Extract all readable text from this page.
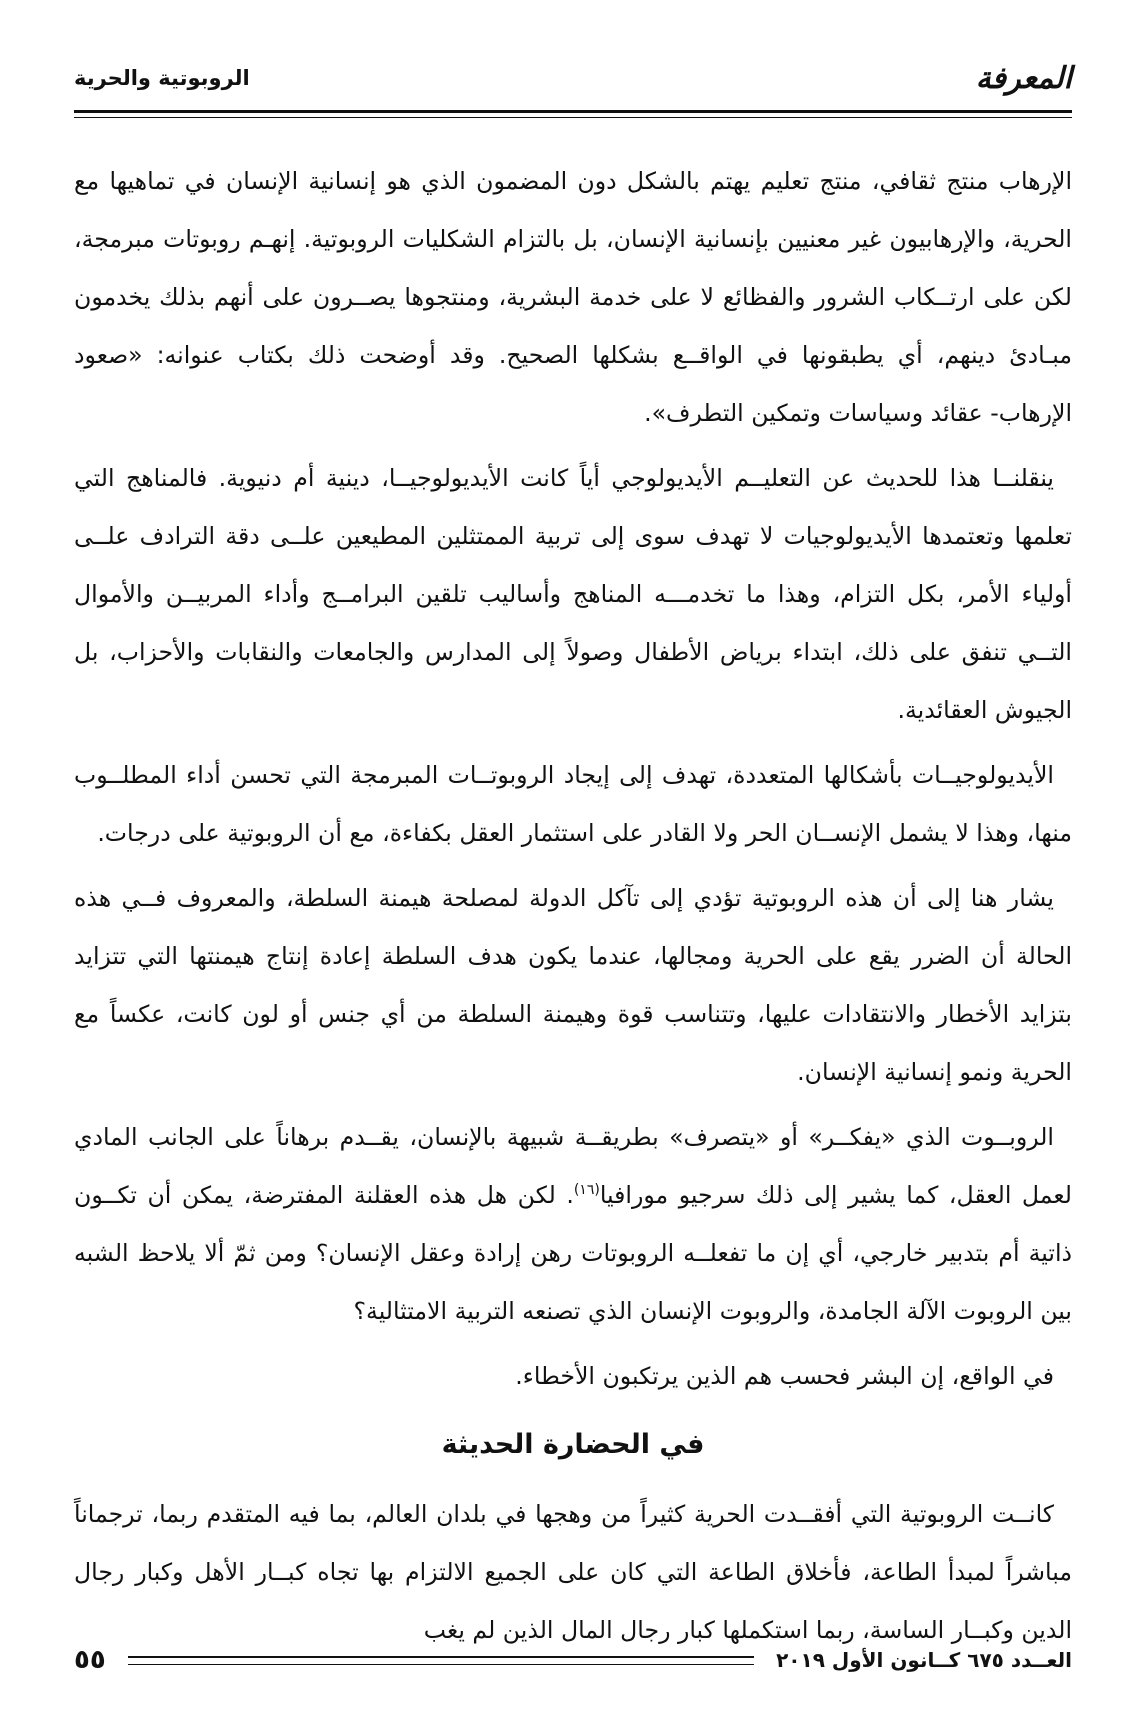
المعرفة
الروبوتية والحرية

الإرهاب منتج ثقافي، منتج تعليم يهتم بالشكل دون المضمون الذي هو إنسانية الإنسان في تماهيها مع الحرية، والإرهابيون غير معنيين بإنسانية الإنسان، بل بالتزام الشكليات الروبوتية. إنهـم روبوتات مبرمجة، لكن على ارتــكاب الشرور والفظائع لا على خدمة البشرية، ومنتجوها يصــرون على أنهم بذلك يخدمون مبـادئ دينهم، أي يطبقونها في الواقــع بشكلها الصحيح. وقد أوضحت ذلك بكتاب عنوانه: «صعود الإرهاب- عقائد وسياسات وتمكين التطرف».

ينقلنــا هذا للحديث عن التعليــم الأيديولوجي أياً كانت الأيديولوجيــا، دينية أم دنيوية. فالمناهج التي تعلمها وتعتمدها الأيديولوجيات لا تهدف سوى إلى تربية الممتثلين المطيعين علــى دقة الترادف علــى أولياء الأمر، بكل التزام، وهذا ما تخدمـــه المناهج وأساليب تلقين البرامــج وأداء المربيــن والأموال التــي تنفق على ذلك، ابتداء برياض الأطفال وصولاً إلى المدارس والجامعات والنقابات والأحزاب، بل الجيوش العقائدية.

الأيديولوجيــات بأشكالها المتعددة، تهدف إلى إيجاد الروبوتــات المبرمجة التي تحسن أداء المطلــوب منها، وهذا لا يشمل الإنســان الحر ولا القادر على استثمار العقل بكفاءة، مع أن الروبوتية على درجات.

يشار هنا إلى أن هذه الروبوتية تؤدي إلى تآكل الدولة لمصلحة هيمنة السلطة، والمعروف فــي هذه الحالة أن الضرر يقع على الحرية ومجالها، عندما يكون هدف السلطة إعادة إنتاج هيمنتها التي تتزايد بتزايد الأخطار والانتقادات عليها، وتتناسب قوة وهيمنة السلطة من أي جنس أو لون كانت، عكساً مع الحرية ونمو إنسانية الإنسان.

الروبــوت الذي «يفكــر» أو «يتصرف» بطريقــة شبيهة بالإنسان، يقــدم برهاناً على الجانب المادي لعمل العقل، كما يشير إلى ذلك سرجيو مورافيا$^{(١٦)}$. لكن هل هذه العقلنة المفترضة، يمكن أن تكــون ذاتية أم بتدبير خارجي، أي إن ما تفعلــه الروبوتات رهن إرادة وعقل الإنسان؟ ومن ثمّ ألا يلاحظ الشبه بين الروبوت الآلة الجامدة، والروبوت الإنسان الذي تصنعه التربية الامتثالية؟

في الواقع، إن البشر فحسب هم الذين يرتكبون الأخطاء.

في الحضارة الحديثة

كانــت الروبوتية التي أفقــدت الحرية كثيراً من وهجها في بلدان العالم، بما فيه المتقدم ربما، ترجماناً مباشراً لمبدأ الطاعة، فأخلاق الطاعة التي كان على الجميع الالتزام بها تجاه كبــار الأهل وكبار رجال الدين وكبــار الساسة، ربما استكملها كبار رجال المال الذين لم يغب

العــدد ٦٧٥ كــانون الأول ٢٠١٩
٥٥
